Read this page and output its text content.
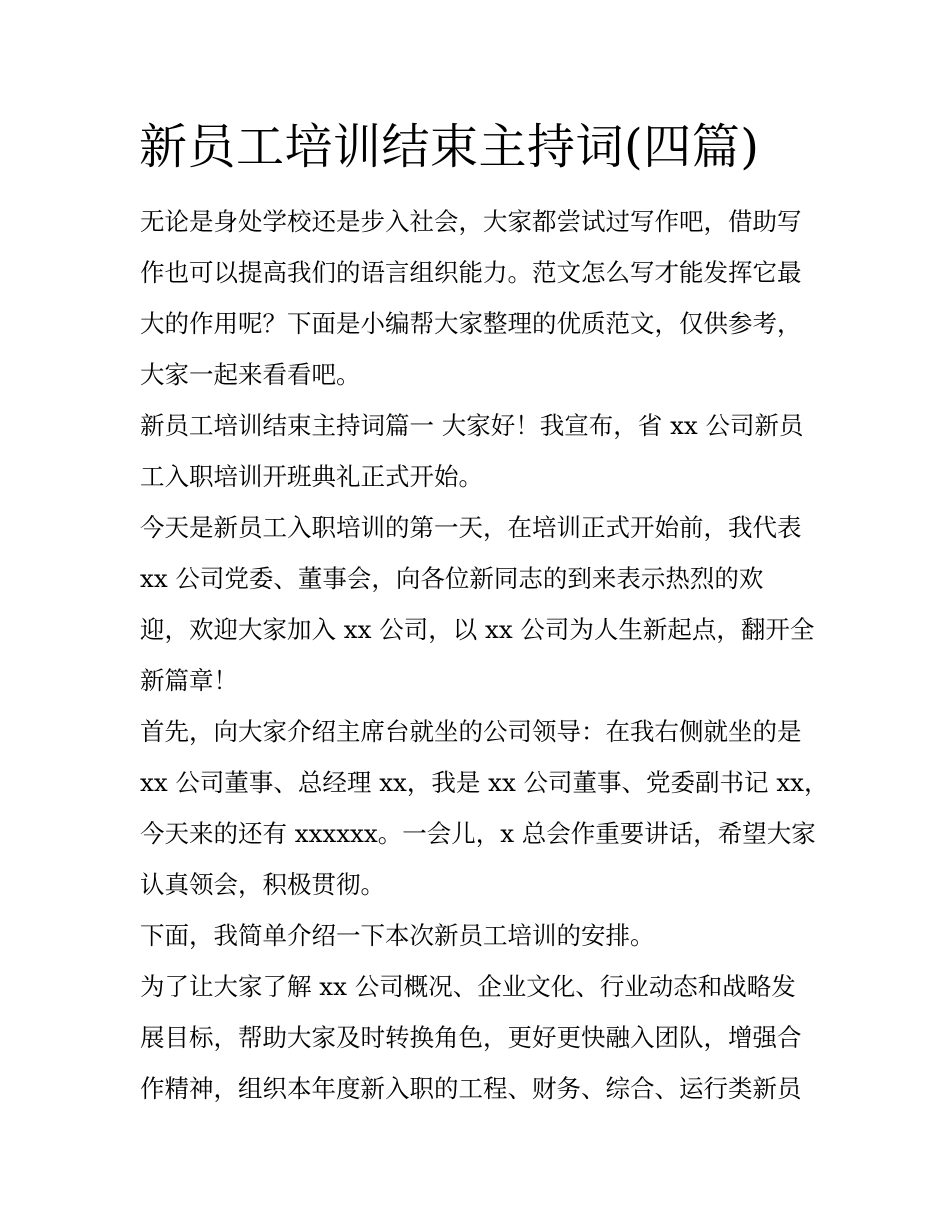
新员工培训结束主持词(四篇)
无论是身处学校还是步入社会，大家都尝试过写作吧，借助写
作也可以提高我们的语言组织能力。范文怎么写才能发挥它最
大的作用呢？下面是小编帮大家整理的优质范文，仅供参考，
大家一起来看看吧。
新员工培训结束主持词篇一 大家好！我宣布，省 xx 公司新员
工入职培训开班典礼正式开始。
今天是新员工入职培训的第一天，在培训正式开始前，我代表
xx 公司党委、董事会，向各位新同志的到来表示热烈的欢
迎，欢迎大家加入 xx 公司，以 xx 公司为人生新起点，翻开全
新篇章！
首先，向大家介绍主席台就坐的公司领导：在我右侧就坐的是
xx 公司董事、总经理 xx，我是 xx 公司董事、党委副书记 xx，
今天来的还有 xxxxxx。一会儿，x 总会作重要讲话，希望大家
认真领会，积极贯彻。
下面，我简单介绍一下本次新员工培训的安排。
为了让大家了解 xx 公司概况、企业文化、行业动态和战略发
展目标，帮助大家及时转换角色，更好更快融入团队，增强合
作精神，组织本年度新入职的工程、财务、综合、运行类新员
